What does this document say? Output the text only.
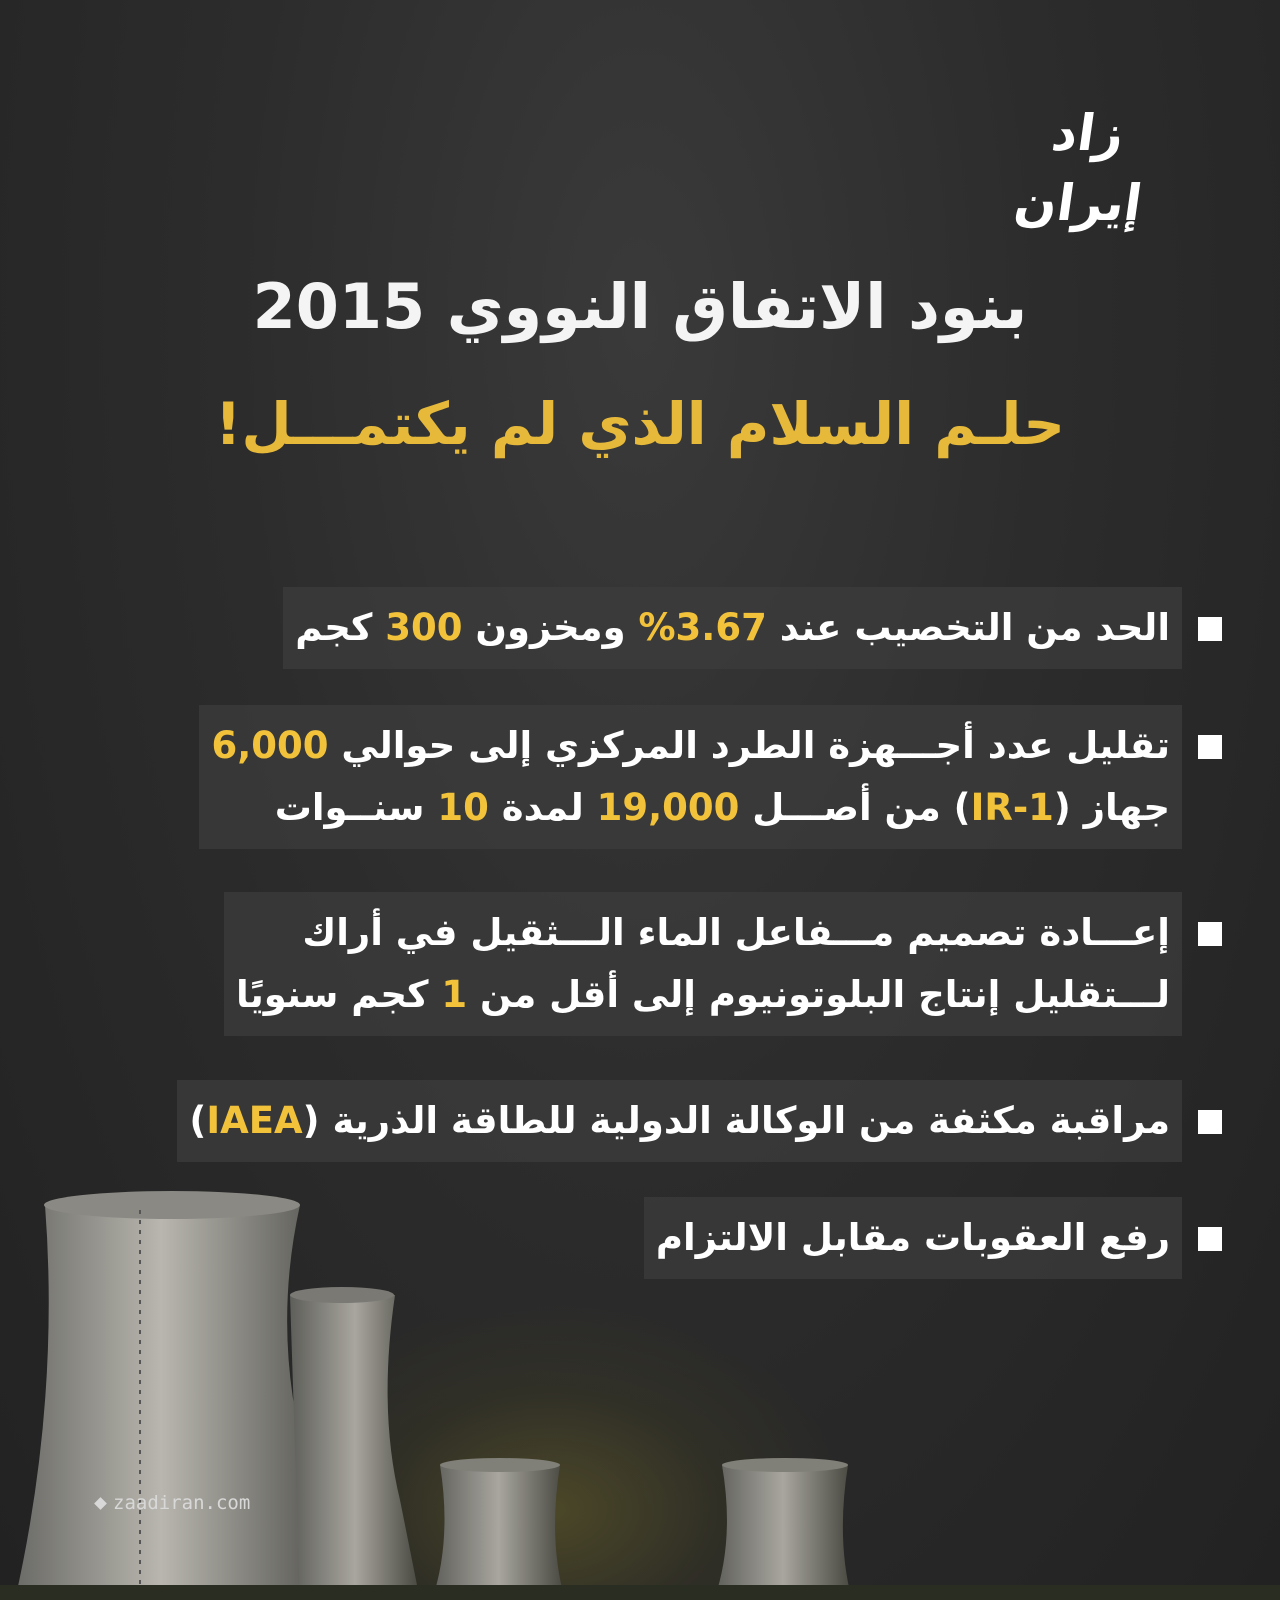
زاد إيران
بنود الاتفاق النووي 2015
حلـم السلام الذي لم يكتمـــل!
الحد من التخصيب عند 3.67% ومخزون 300 كجم
تقليل عدد أجـــهزة الطرد المركزي إلى حوالي 6,000
جهاز (IR-1) من أصـــل 19,000 لمدة 10 سنــوات
إعـــادة تصميم مـــفاعل الماء الـــثقيل في أراك
لـــتقليل إنتاج البلوتونيوم إلى أقل من 1 كجم سنويًا
مراقبة مكثفة من الوكالة الدولية للطاقة الذرية (IAEA)
رفع العقوبات مقابل الالتزام
zaadiran.com
